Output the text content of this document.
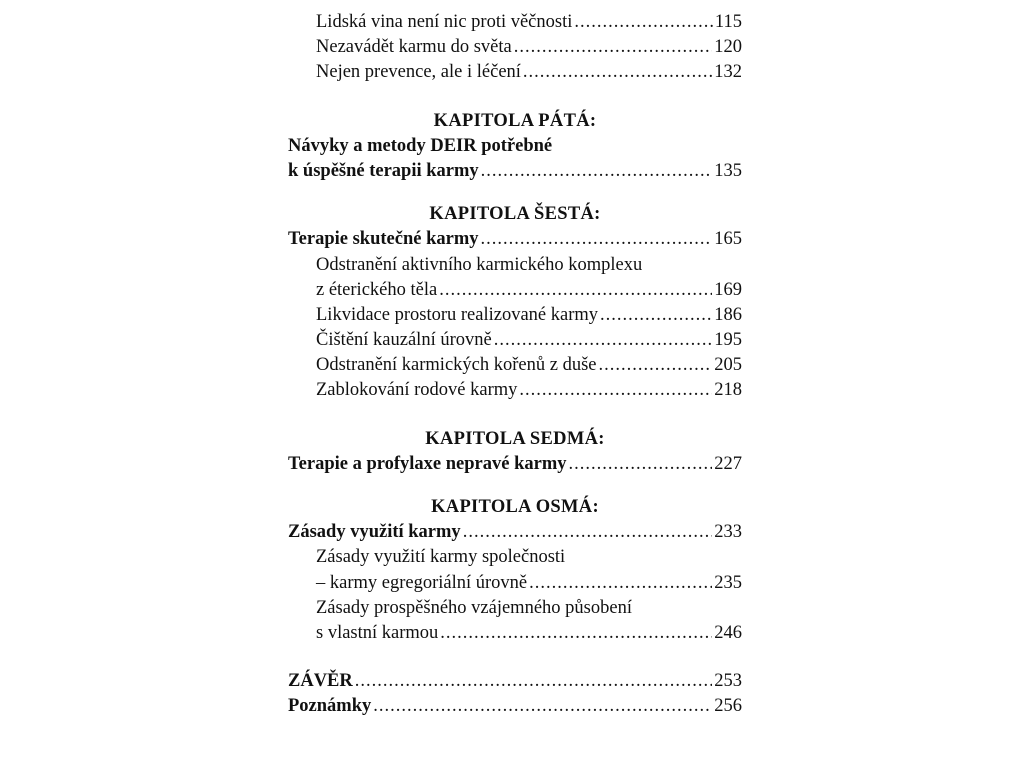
Lidská vina není nic proti věčnosti .....	115
Nezavádět karmu do světa .....	120
Nejen prevence, ale i léčení .....	132
KAPITOLA PÁTÁ:
Návyky a metody DEIR potřebné
k úspěšné terapii karmy .....	135
KAPITOLA ŠESTÁ:
Terapie skutečné karmy .....	165
Odstranění aktivního karmického komplexu
z éterického těla .....	169
Likvidace prostoru realizované karmy .....	186
Čištění kauzální úrovně .....	195
Odstranění karmických kořenů z duše .....	205
Zablokování rodové karmy .....	218
KAPITOLA SEDMÁ:
Terapie a profylaxe nepravé karmy .....	227
KAPITOLA OSMÁ:
Zásady využití karmy .....	233
Zásady využití karmy společnosti
– karmy egregoriální úrovně .....	235
Zásady prospěšného vzájemného působení
s vlastní karmou .....	246
ZÁVĚR .....	253
Poznámky .....	256
